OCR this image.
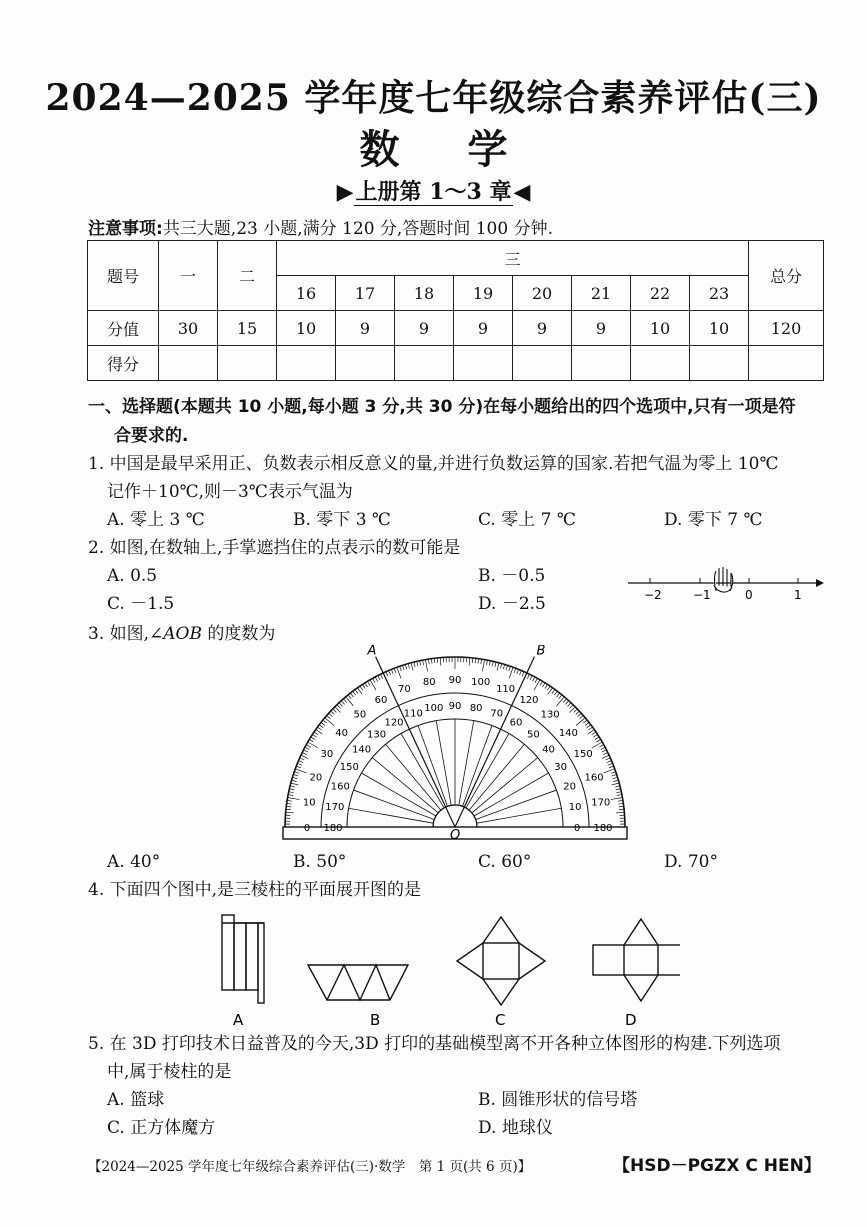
2024—2025 学年度七年级综合素养评估(三)
数 学
▶上册第 1～3 章◀
注意事项:共三大题,23 小题,满分 120 分,答题时间 100 分钟.
题号	一	二	三								总分
			16	17	18	19	20	21	22	23	
分值	30	15	10	9	9	9	9	9	10	10	120
得分											
一、选择题(本题共 10 小题,每小题 3 分,共 30 分)在每小题给出的四个选项中,只有一项是符
合要求的.
1. 中国是最早采用正、负数表示相反意义的量,并进行负数运算的国家.若把气温为零上 10℃
记作＋10℃,则－3℃表示气温为
A. 零上 3 ℃	B. 零下 3 ℃	C. 零上 7 ℃	D. 零下 7 ℃
2. 如图,在数轴上,手掌遮挡住的点表示的数可能是
A. 0.5	B. －0.5
C. －1.5	D. －2.5	−2	−1	0	1
3. 如图,∠AOB 的度数为
0	0
10	10
20
20
30
30
40
40
50
50
60
60
70
70
80
80
90
90
100
100
110
110
120
120
130
130	140
140	150
150
160
160
170
170
180
180
A	B
O
A. 40°	B. 50°	C. 60°	D. 70°
4. 下面四个图中,是三棱柱的平面展开图的是
A	B	C	D
5. 在 3D 打印技术日益普及的今天,3D 打印的基础模型离不开各种立体图形的构建.下列选项
中,属于棱柱的是
A. 篮球	B. 圆锥形状的信号塔
C. 正方体魔方	D. 地球仪
【2024—2025 学年度七年级综合素养评估(三)·数学　第 1 页(共 6 页)】	【HSD－PGZX C HEN】
